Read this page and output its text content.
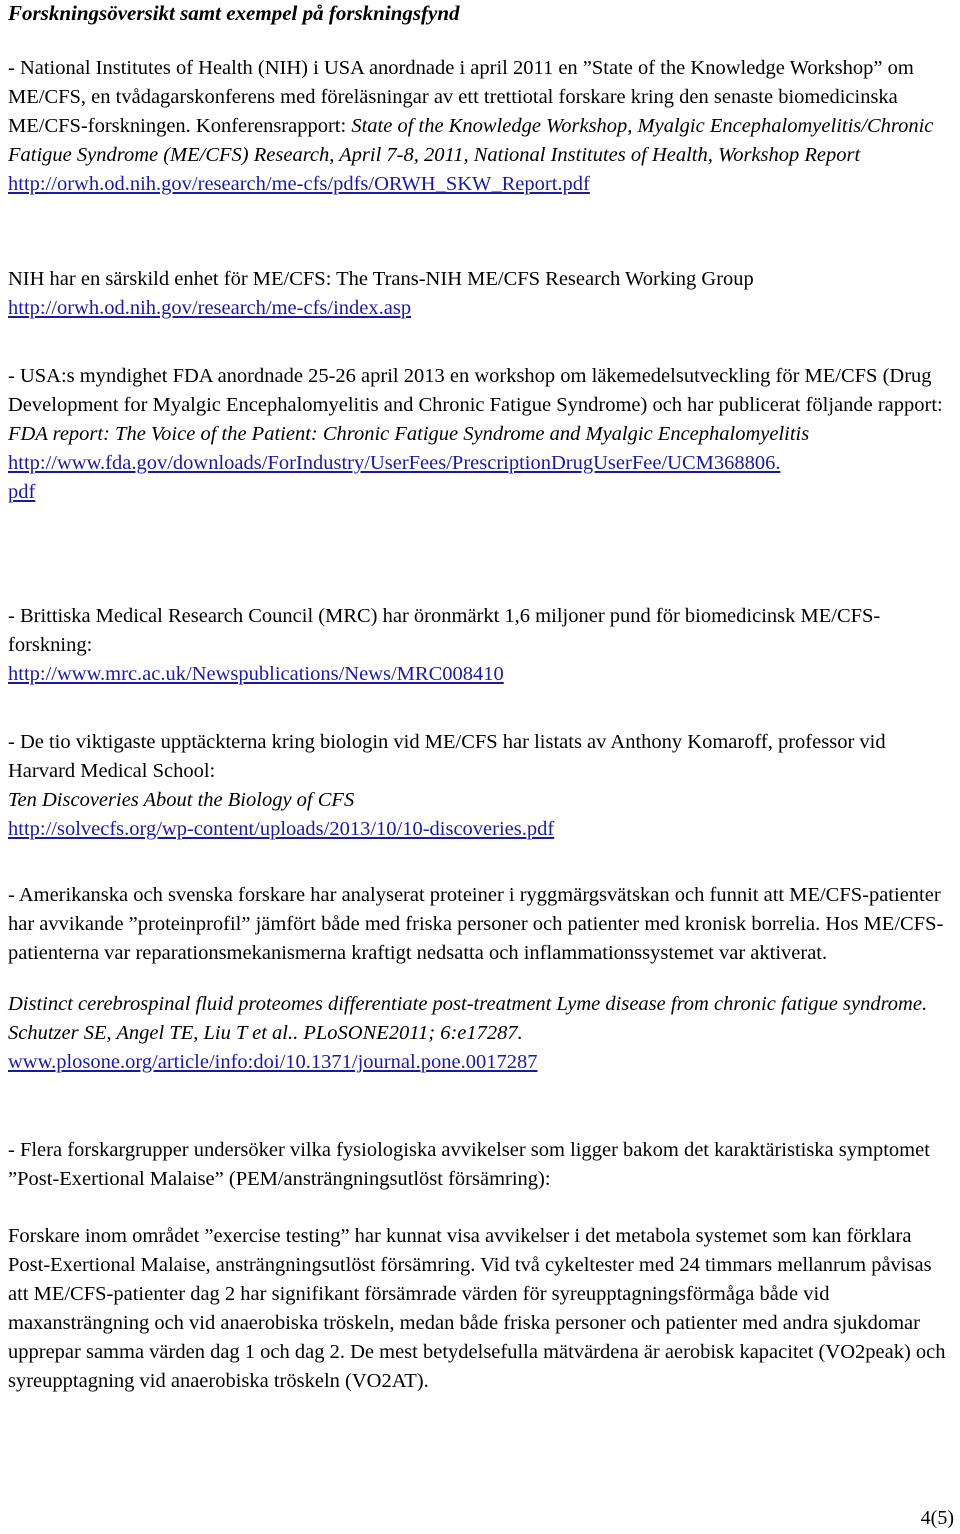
Forskningsöversikt samt exempel på forskningsfynd

- National Institutes of Health (NIH) i USA anordnade i april 2011 en ”State of the Knowledge Workshop” om ME/CFS, en tvådagarskonferens med föreläsningar av ett trettiotal forskare kring den senaste biomedicinska ME/CFS-forskningen. Konferensrapport: State of the Knowledge Workshop, Myalgic Encephalomyelitis/Chronic Fatigue Syndrome (ME/CFS) Research, April 7-8, 2011, National Institutes of Health, Workshop Report

http://orwh.od.nih.gov/research/me-cfs/pdfs/ORWH_SKW_Report.pdf

NIH har en särskild enhet för ME/CFS: The Trans-NIH ME/CFS Research Working Group

http://orwh.od.nih.gov/research/me-cfs/index.asp

- USA:s myndighet FDA anordnade 25-26 april 2013 en workshop om läkemedelsutveckling för ME/CFS (Drug Development for Myalgic Encephalomyelitis and Chronic Fatigue Syndrome) och har publicerat följande rapport:

FDA report: The Voice of the Patient: Chronic Fatigue Syndrome and Myalgic Encephalomyelitis

http://www.fda.gov/downloads/ForIndustry/UserFees/PrescriptionDrugUserFee/UCM368806.

pdf

- Brittiska Medical Research Council (MRC) har öronmärkt 1,6 miljoner pund för biomedicinsk ME/CFS-forskning:

http://www.mrc.ac.uk/Newspublications/News/MRC008410

- De tio viktigaste upptäckterna kring biologin vid ME/CFS har listats av Anthony Komaroff, professor vid Harvard Medical School:

Ten Discoveries About the Biology of CFS

http://solvecfs.org/wp-content/uploads/2013/10/10-discoveries.pdf

- Amerikanska och svenska forskare har analyserat proteiner i ryggmärgsvätskan och funnit att ME/CFS-patienter har avvikande ”proteinprofil” jämfört både med friska personer och patienter med kronisk borrelia. Hos ME/CFS-patienterna var reparationsmekanismerna kraftigt nedsatta och inflammationssystemet var aktiverat.

Distinct cerebrospinal fluid proteomes differentiate post-treatment Lyme disease from chronic fatigue syndrome. Schutzer SE, Angel TE, Liu T et al.. PLoSONE2011; 6:e17287.

www.plosone.org/article/info:doi/10.1371/journal.pone.0017287

- Flera forskargrupper undersöker vilka fysiologiska avvikelser som ligger bakom det karaktäristiska symptomet ”Post-Exertional Malaise” (PEM/ansträngningsutlöst försämring):

Forskare inom området ”exercise testing” har kunnat visa avvikelser i det metabola systemet som kan förklara Post-Exertional Malaise, ansträngningsutlöst försämring. Vid två cykeltester med 24 timmars mellanrum påvisas att ME/CFS-patienter dag 2 har signifikant försämrade värden för syreupptagningsförmåga både vid maxansträngning och vid anaerobiska tröskeln, medan både friska personer och patienter med andra sjukdomar upprepar samma värden dag 1 och dag 2. De mest betydelsefulla mätvärdena är aerobisk kapacitet (VO2peak) och syreupptagning vid anaerobiska tröskeln (VO2AT).

4(5)
